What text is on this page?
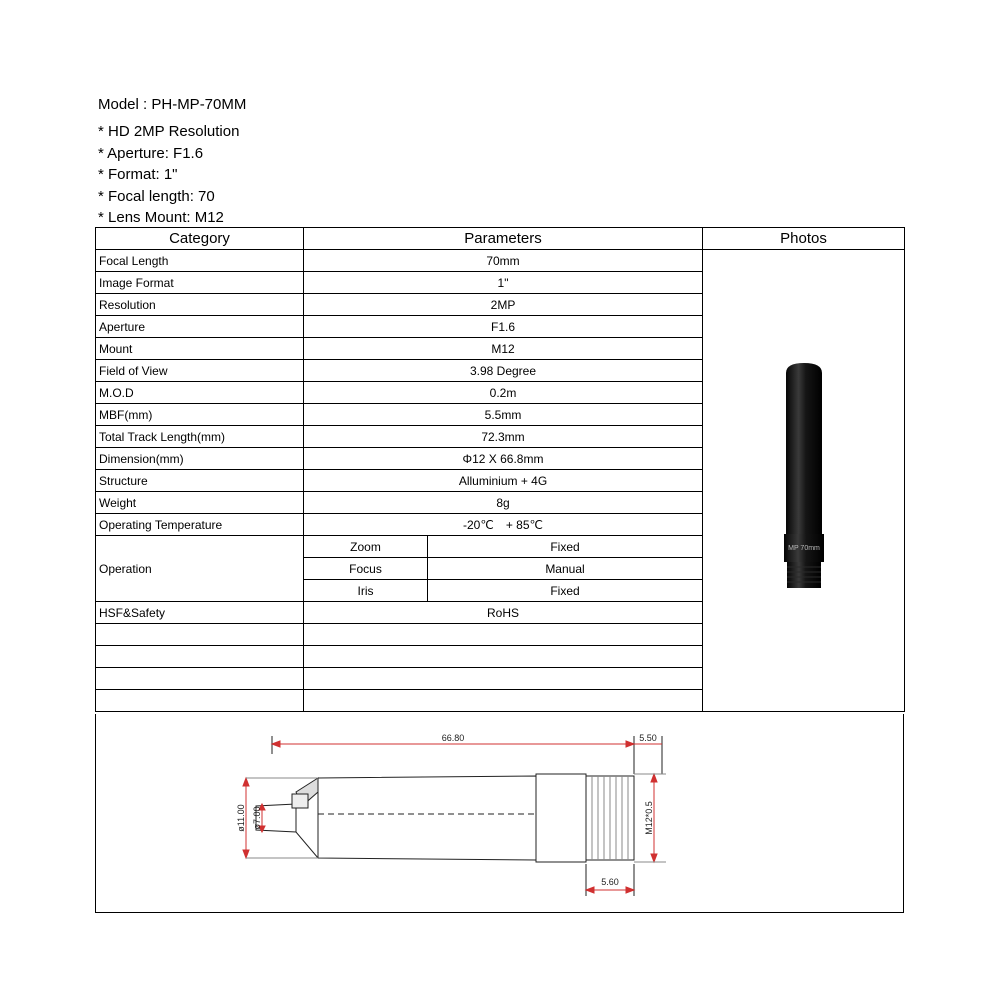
Model : PH-MP-70MM
* HD 2MP Resolution
* Aperture: F1.6
* Format: 1"
* Focal length: 70
* Lens Mount: M12
Category	Parameters		Photos
Focal Length	70mm		MP 70mm

Image Format	1"		
Resolution	2MP		
Aperture	F1.6		
Mount	M12		
Field of View	3.98 Degree		
M.O.D	0.2m		
MBF(mm)	5.5mm		
Total Track Length(mm)	72.3mm		
Dimension(mm)	Φ12 X 66.8mm		
Structure	Alluminium + 4G		
Weight	8g		
Operating Temperature	-20℃　+ 85℃		
Operation	Zoom	Fixed	
	Focus	Manual	
	Iris	Fixed	
HSF&Safety	RoHS		

66.80	5.50
5.60
ø11.00 ø7.00	M12*0.5
